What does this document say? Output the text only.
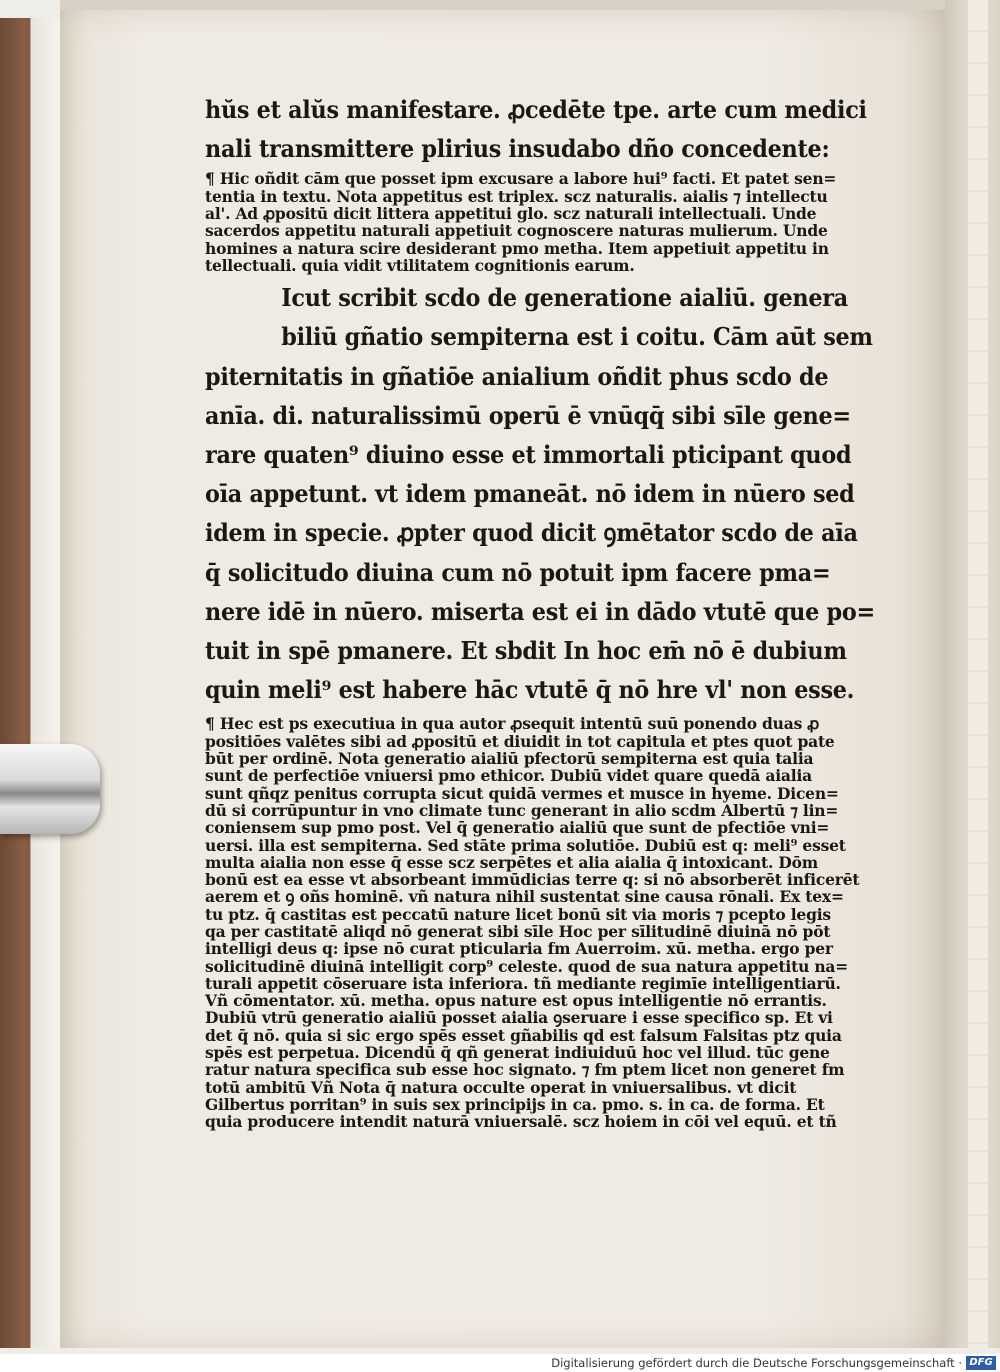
hŭs et alŭs manifestare. ꝓcedēte tpe. arte cum medici
nali transmittere plirius insudabo dño concedente:
¶ Hic oñdit cām que posset ipm excusare a labore hui⁹ facti. Et patet sen=
tentia in textu. Nota appetitus est triplex. scz naturalis. aialis ⁊ intellectu
al'. Ad ꝓpositū dicit littera appetitui glo. scz naturali intellectuali. Unde
sacerdos appetitu naturali appetiuit cognoscere naturas mulierum. Unde
homines a natura scire desiderant pmo metha. Item appetiuit appetitu in
tellectuali. quia vidit vtilitatem cognitionis earum.
Icut scribit scdo de generatione aialiū. genera
biliū gñatio sempiterna est i coitu. Cām aūt sem
piternitatis in gñatiōe anialium oñdit phus scdo de
anīa. di. naturalissimū operū ē vnūqq̄ sibi sīle gene=
rare quaten⁹ diuino esse et immortali pticipant quod
oīa appetunt. vt idem pmaneāt. nō idem in nūero sed
idem in specie. ꝓpter quod dicit ꝯmētator scdo de aīa
q̄ solicitudo diuina cum nō potuit ipm facere pma=
nere idē in nūero. miserta est ei in dādo vtutē que po=
tuit in spē pmanere. Et sbdit In hoc em̄ nō ē dubium
quin meli⁹ est habere hāc vtutē q̄ nō hre vl' non esse.
¶ Hec est ps executiua in qua autor ꝓsequit intentū suū ponendo duas ꝓ
positiōes valētes sibi ad ꝓpositū et diuidit in tot capitula et ptes quot pate
būt per ordinē. Nota generatio aialiū pfectorū sempiterna est quia talia
sunt de perfectiōe vniuersi pmo ethicor. Dubiū videt quare quedā aialia
sunt qñqz penitus corrupta sicut quidā vermes et musce in hyeme. Dicen=
dū si corrūpuntur in vno climate tunc generant in alio scdm Albertū ⁊ lin=
coniensem sup pmo post. Vel q̄ generatio aialiū que sunt de pfectiōe vni=
uersi. illa est sempiterna. Sed stāte prima solutiōe. Dubiū est q: meli⁹ esset
multa aialia non esse q̄ esse scz serpētes et alia aialia q̄ intoxicant. Dōm
bonū est ea esse vt absorbeant immūdicias terre q: si nō absorberēt inficerēt
aerem et ꝯ oñs hominē. vñ natura nihil sustentat sine causa rōnali. Ex tex=
tu ptz. q̄ castitas est peccatū nature licet bonū sit via moris ⁊ pcepto legis
qa per castitatē aliqd nō generat sibi sīle Hoc per sīlitudinē diuinā nō pōt
intelligi deus q: ipse nō curat pticularia fm Auerroim. xū. metha. ergo per
solicitudinē diuinā intelligit corp⁹ celeste. quod de sua natura appetitu na=
turali appetit cōseruare ista inferiora. tñ mediante regimīe intelligentiarū.
Vñ cōmentator. xū. metha. opus nature est opus intelligentie nō errantis.
Dubiū vtrū generatio aialiū posset aialia ꝯseruare i esse specifico sp. Et vi
det q̄ nō. quia si sic ergo spēs esset gñabilis qd est falsum Falsitas ptz quia
spēs est perpetua. Dicendū q̄ qñ generat indiuiduū hoc vel illud. tūc gene
ratur natura specifica sub esse hoc signato. ⁊ fm ptem licet non generet fm
totū ambitū Vñ Nota q̄ natura occulte operat in vniuersalibus. vt dicit
Gilbertus porritan⁹ in suis sex principijs in ca. pmo. s. in ca. de forma. Et
quia producere intendit naturā vniuersalē. scz hoiem in cōi vel equū. et tñ
Digitalisierung gefördert durch die Deutsche Forschungsgemeinschaft · DFG
